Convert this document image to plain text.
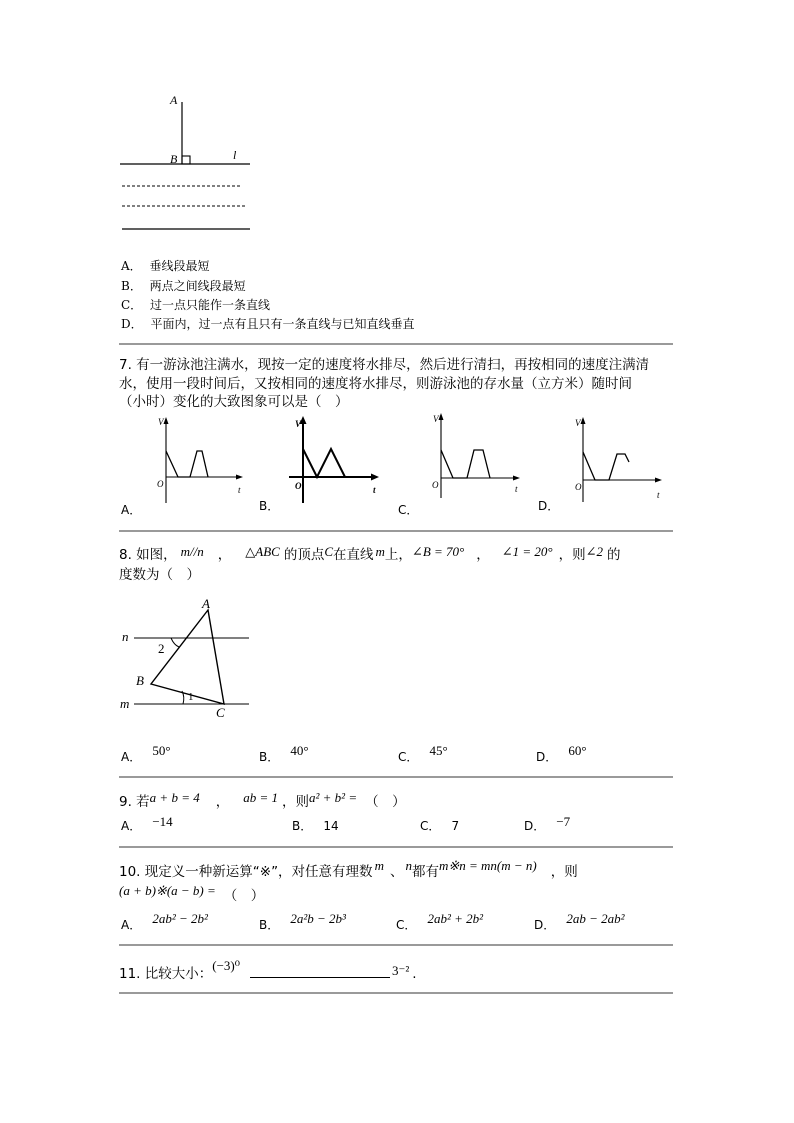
A
B	l
A． 垂线段最短
B． 两点之间线段最短
C． 过一点只能作一条直线
D． 平面内，过一点有且只有一条直线与已知直线垂直
7. 有一游泳池注满水，现按一定的速度将水排尽，然后进行清扫，再按相同的速度注满清
水，使用一段时间后，又按相同的速度将水排尽，则游泳池的存水量（立方米）随时间
（小时）变化的大致图象可以是（　）
V
O
t
A．
V
O	t
B．
V
O	t
C．
V
O
t
D．
8. 如图， m//n ， △ABC 的顶点C在直线 m上，∠B = 70° ， ∠1 = 20° ，则∠2 的
度数为（　）
A
B
C
n
m
2
1
$_{A.}$ 50°	$_{B.}$ 40°	$_{C.}$ 45°	$_{D.}$ 60°
9. 若a + b = 4 ， ab = 1 ，则a² + b² = （　）
$_{A.}$ −14	B． 14	C． 7	$_{D.}$ −7
10. 现定义一种新运算“※”，对任意有理数 m 、 n都有m※n = mn(m − n) ，则
(a + b)※(a − b) = $_{( )}$
$_{A.}$ 2ab² − 2b²	$_{B.}$ 2a²b − 2b³	$_{C.}$ 2ab² + 2b²	$_{D.}$ 2ab − 2ab²
11. 比较大小：(−3)⁰	3⁻² .
